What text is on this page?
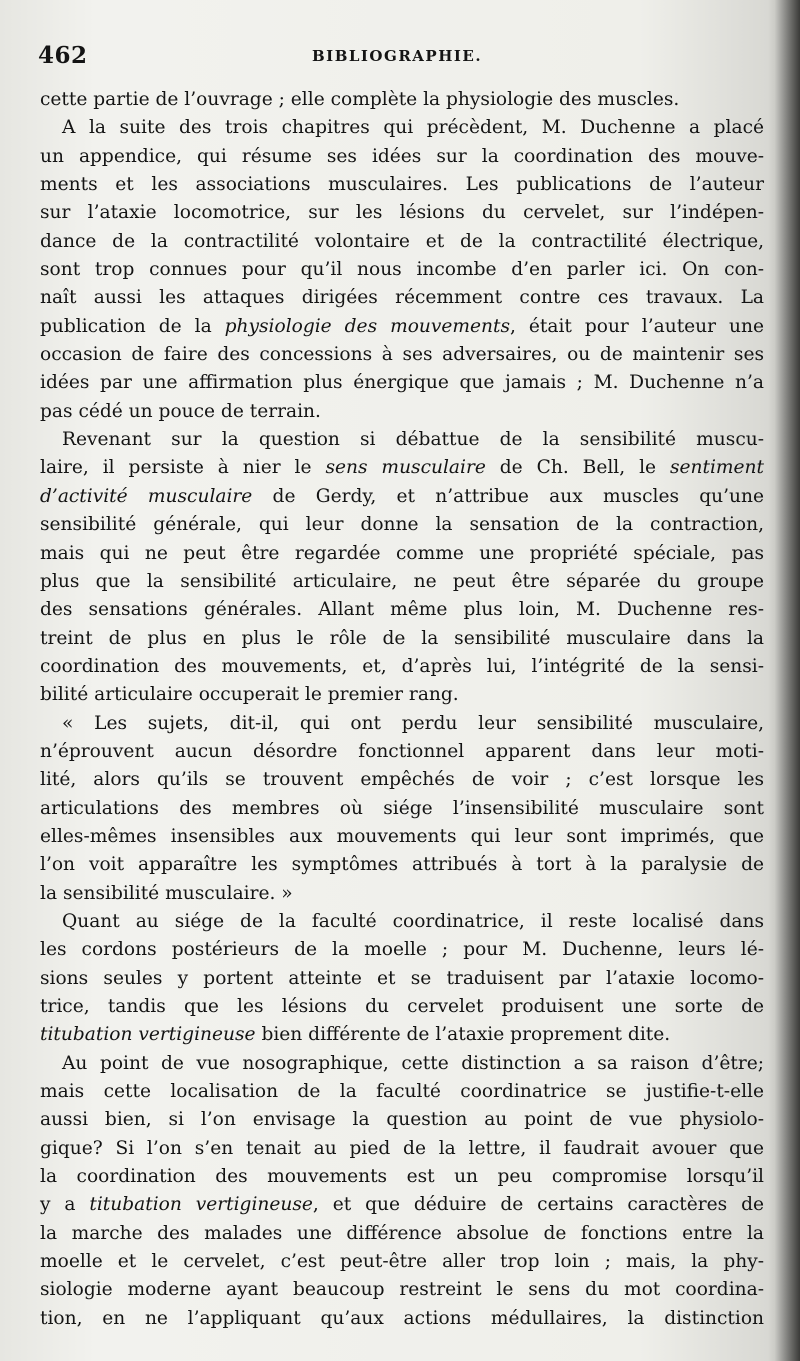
462	BIBLIOGRAPHIE.
cette partie de l’ouvrage ; elle complète la physiologie des muscles.
A la suite des trois chapitres qui précèdent, M. Duchenne a placé
un appendice, qui résume ses idées sur la coordination des mouve-
ments et les associations musculaires. Les publications de l’auteur
sur l’ataxie locomotrice, sur les lésions du cervelet, sur l’indépen-
dance de la contractilité volontaire et de la contractilité électrique,
sont trop connues pour qu’il nous incombe d’en parler ici. On con-
naît aussi les attaques dirigées récemment contre ces travaux. La
publication de la physiologie des mouvements, était pour l’auteur une
occasion de faire des concessions à ses adversaires, ou de maintenir ses
idées par une affirmation plus énergique que jamais ; M. Duchenne n’a
pas cédé un pouce de terrain.
Revenant sur la question si débattue de la sensibilité muscu-
laire, il persiste à nier le sens musculaire de Ch. Bell, le sentiment
d’activité musculaire de Gerdy, et n’attribue aux muscles qu’une
sensibilité générale, qui leur donne la sensation de la contraction,
mais qui ne peut être regardée comme une propriété spéciale, pas
plus que la sensibilité articulaire, ne peut être séparée du groupe
des sensations générales. Allant même plus loin, M. Duchenne res-
treint de plus en plus le rôle de la sensibilité musculaire dans la
coordination des mouvements, et, d’après lui, l’intégrité de la sensi-
bilité articulaire occuperait le premier rang.
« Les sujets, dit-il, qui ont perdu leur sensibilité musculaire,
n’éprouvent aucun désordre fonctionnel apparent dans leur moti-
lité, alors qu’ils se trouvent empêchés de voir ; c’est lorsque les
articulations des membres où siége l’insensibilité musculaire sont
elles-mêmes insensibles aux mouvements qui leur sont imprimés, que
l’on voit apparaître les symptômes attribués à tort à la paralysie de
la sensibilité musculaire. »
Quant au siége de la faculté coordinatrice, il reste localisé dans
les cordons postérieurs de la moelle ; pour M. Duchenne, leurs lé-
sions seules y portent atteinte et se traduisent par l’ataxie locomo-
trice, tandis que les lésions du cervelet produisent une sorte de
titubation vertigineuse bien différente de l’ataxie proprement dite.
Au point de vue nosographique, cette distinction a sa raison d’être;
mais cette localisation de la faculté coordinatrice se justifie-t-elle
aussi bien, si l’on envisage la question au point de vue physiolo-
gique? Si l’on s’en tenait au pied de la lettre, il faudrait avouer que
la coordination des mouvements est un peu compromise lorsqu’il
y a titubation vertigineuse, et que déduire de certains caractères de
la marche des malades une différence absolue de fonctions entre la
moelle et le cervelet, c’est peut-être aller trop loin ; mais, la phy-
siologie moderne ayant beaucoup restreint le sens du mot coordina-
tion, en ne l’appliquant qu’aux actions médullaires, la distinction
